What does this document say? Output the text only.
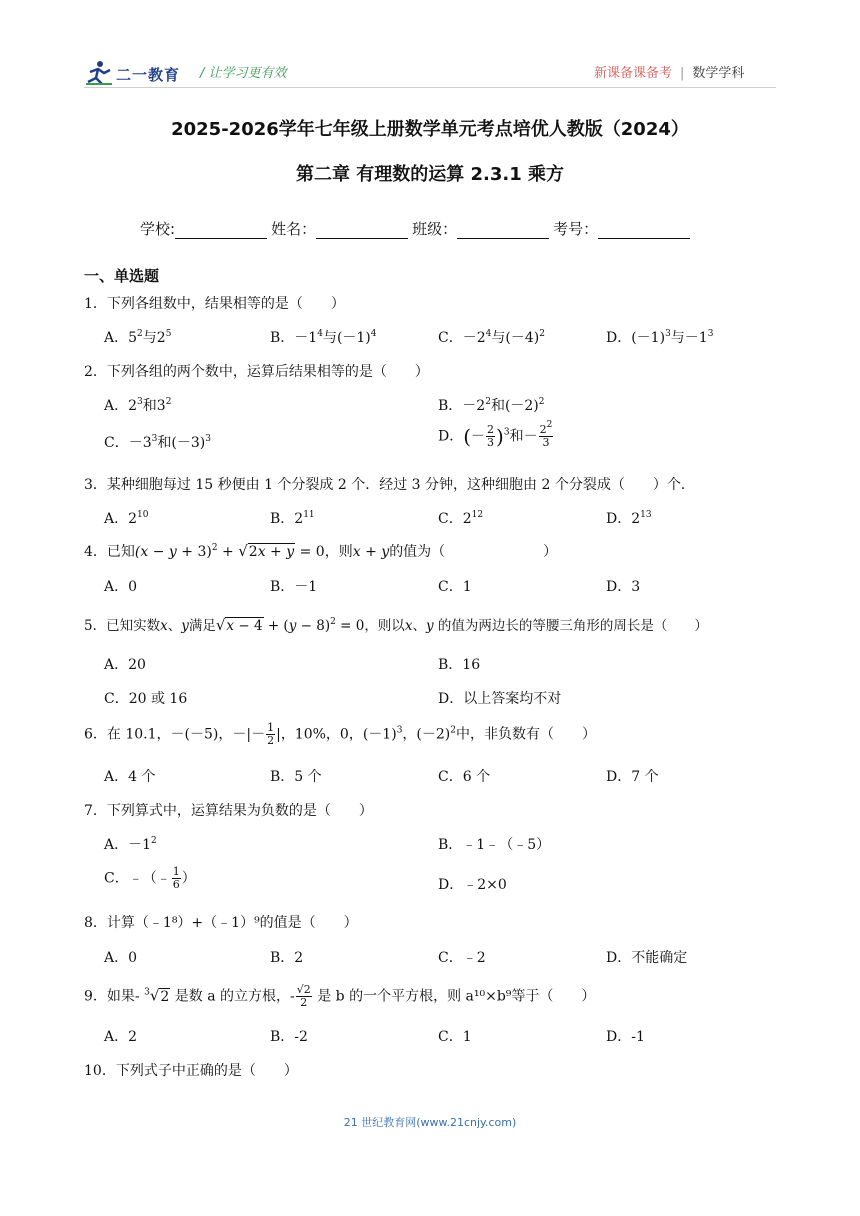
二一教育 / 让学习更有效	新课备课备考 | 数学学科
2025-2026学年七年级上册数学单元考点培优人教版（2024）
第二章 有理数的运算 2.3.1 乘方
学校:	姓名：	班级：	考号：
一、单选题
1．下列各组数中，结果相等的是（　　）
A．$5^2$与$2^5$	B．$-1^4$与$(-1)^4$	C．$-2^4$与$(-4)^2$	D．$(-1)^3$与$-1^3$
2．下列各组的两个数中，运算后结果相等的是（　　）
A．$2^3$和$3^2$	B．$-2^2$和$(-2)^2$
C．$-3^3$和$(-3)^3$	D．(－ $\frac{2}{3} )^3$和－ $\frac{2^2}{3}$
3．某种细胞每过 15 秒便由 1 个分裂成 2 个．经过 3 分钟，这种细胞由 2 个分裂成（　　）个．
A．$2^{10}$	B．$2^{11}$	C．$2^{12}$	D．$2^{13}$
4．已知$(x - y + 3)^2 + √2x + y = 0$，则x + y的值为（　　　　　　　）
A．0	B．－1	C．1	D．3
5．已知实数x、y满足$√x - 4 + (y - 8)^2 = 0$，则以x、y 的值为两边长的等腰三角形的周长是（　　）
A．20	B．16
C．20 或 16	D．以上答案均不对
6．在 10.1，－(－5)，－|－ $\frac{1}{2}$ |，10%，0，$(-1)^3$，$(-2)^2$中，非负数有（　　）
A．4 个	B．5 个	C．6 个	D．7 个
7．下列算式中，运算结果为负数的是（　　）
A．$-1^2$	B．﹣1﹣（﹣5）
C．﹣（﹣ $\frac{1}{6}$ ）	D．﹣2×0
8．计算（﹣1⁸）+（﹣1）⁹的值是（　　）
A．0	B．2	C．﹣2	D．不能确定
9．如果- $^3$√2 是数 a 的立方根，- $\frac{√2}{2}$ 是 b 的一个平方根，则 a¹⁰×b⁹等于（　　）
A．2	B．-2	C．1	D．-1
10．下列式子中正确的是（　　）
21 世纪教育网(www.21cnjy.com)
